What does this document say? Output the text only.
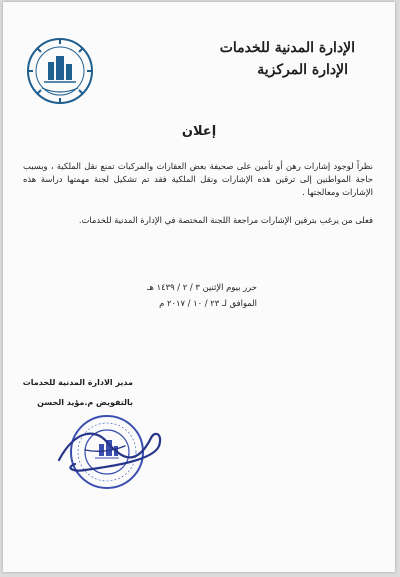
الإدارة المدنية للخدمات
الإدارة المركزية
إعلان
نظراً لوجود إشارات رهن أو تأمين على صحيفة بعض العقارات والمركبات تمنع نقل الملكية ، وبسبب حاجة المواطنين إلى ترقين هذه الإشارات ونقل الملكية فقد تم تشكيل لجنة مهمتها دراسة هذه الإشارات ومعالجتها .
فعلى من يرغب بترقين الإشارات مراجعة اللجنة المختصة في الإدارة المدنية للخدمات.
حرر بيوم الإثنين ٣ / ٢ / ١٤٣٩ هـ
الموافق لـ ٢٣ / ١٠ / ٢٠١٧ م
مدير الادارة المدنية للخدمات
بالتفويض م.مؤيد الحسن
